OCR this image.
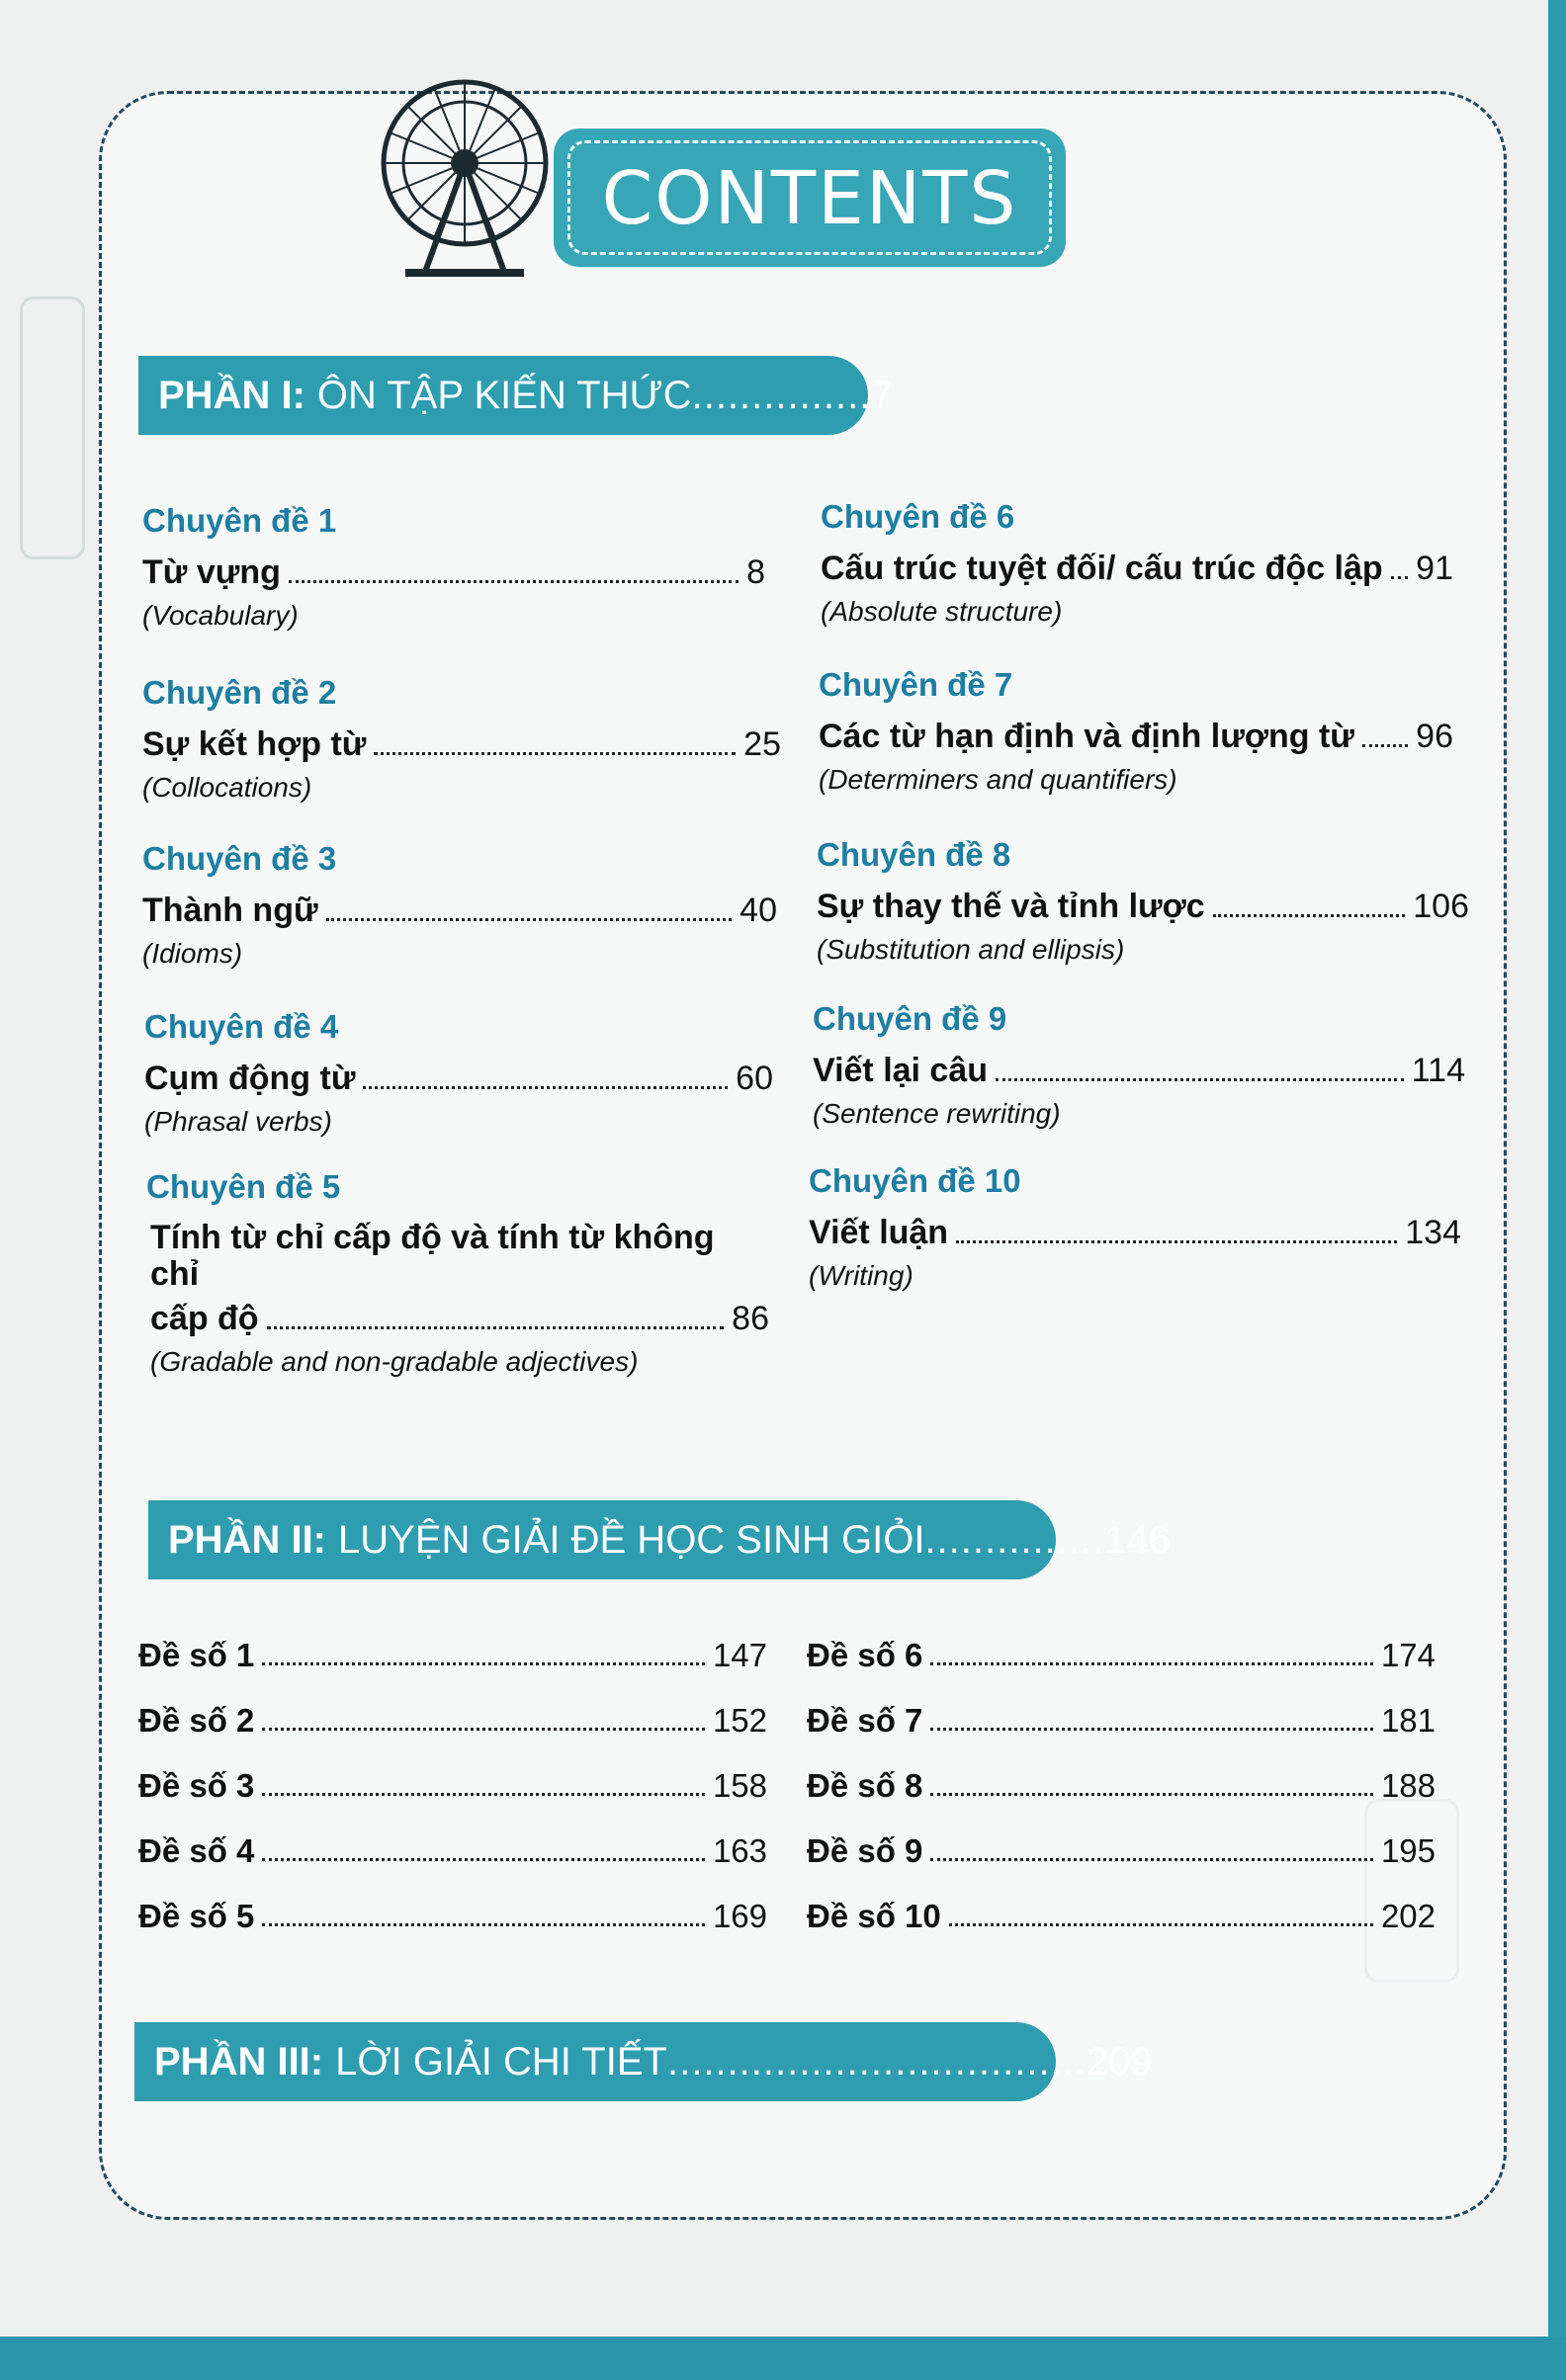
CONTENTS
PHẦN I: ÔN TẬP KIẾN THỨC ............... 7
Chuyên đề 1
Từ vựng	8
(Vocabulary)
Chuyên đề 2
Sự kết hợp từ	25
(Collocations)
Chuyên đề 3
Thành ngữ	40
(Idioms)
Chuyên đề 4
Cụm động từ	60
(Phrasal verbs)
Chuyên đề 5
Tính từ chỉ cấp độ và tính từ không chỉ
cấp độ	86
(Gradable and non-gradable adjectives)
Chuyên đề 6
Cấu trúc tuyệt đối/ cấu trúc độc lập 91
(Absolute structure)
Chuyên đề 7
Các từ hạn định và định lượng từ 96
(Determiners and quantifiers)
Chuyên đề 8
Sự thay thế và tỉnh lược	106
(Substitution and ellipsis)
Chuyên đề 9
Viết lại câu	114
(Sentence rewriting)
Chuyên đề 10
Viết luận	134
(Writing)
PHẦN II: LUYỆN GIẢI ĐỀ HỌC SINH GIỎI ............... 146
Đề số 1	147
Đề số 2	152
Đề số 3	158
Đề số 4	163
Đề số 5	169
Đề số 6	174
Đề số 7	181
Đề số 8	188
Đề số 9	195
Đề số 10	202
PHẦN III: LỜI GIẢI CHI TIẾT ................................... 209
